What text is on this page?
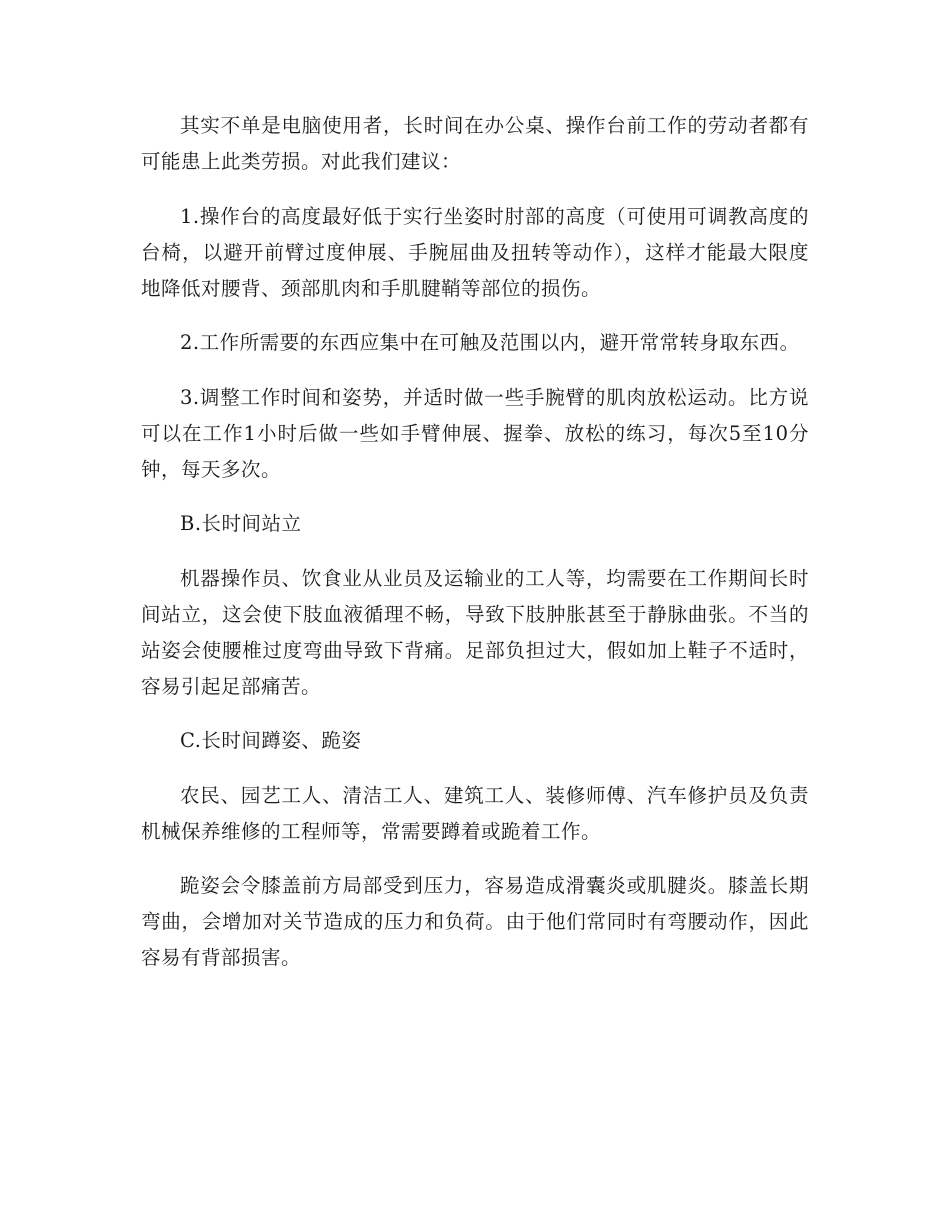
其实不单是电脑使用者，长时间在办公桌、操作台前工作的劳动者都有可能患上此类劳损。对此我们建议：

1.操作台的高度最好低于实行坐姿时肘部的高度（可使用可调教高度的台椅，以避开前臂过度伸展、手腕屈曲及扭转等动作），这样才能最大限度地降低对腰背、颈部肌肉和手肌腱鞘等部位的损伤。

2.工作所需要的东西应集中在可触及范围以内，避开常常转身取东西。

3.调整工作时间和姿势，并适时做一些手腕臂的肌肉放松运动。比方说可以在工作1小时后做一些如手臂伸展、握拳、放松的练习，每次5至10分钟，每天多次。

B.长时间站立

机器操作员、饮食业从业员及运输业的工人等，均需要在工作期间长时间站立，这会使下肢血液循理不畅，导致下肢肿胀甚至于静脉曲张。不当的站姿会使腰椎过度弯曲导致下背痛。足部负担过大，假如加上鞋子不适时，容易引起足部痛苦。

C.长时间蹲姿、跪姿

农民、园艺工人、清洁工人、建筑工人、装修师傅、汽车修护员及负责机械保养维修的工程师等，常需要蹲着或跪着工作。

跪姿会令膝盖前方局部受到压力，容易造成滑囊炎或肌腱炎。膝盖长期弯曲，会增加对关节造成的压力和负荷。由于他们常同时有弯腰动作，因此容易有背部损害。
